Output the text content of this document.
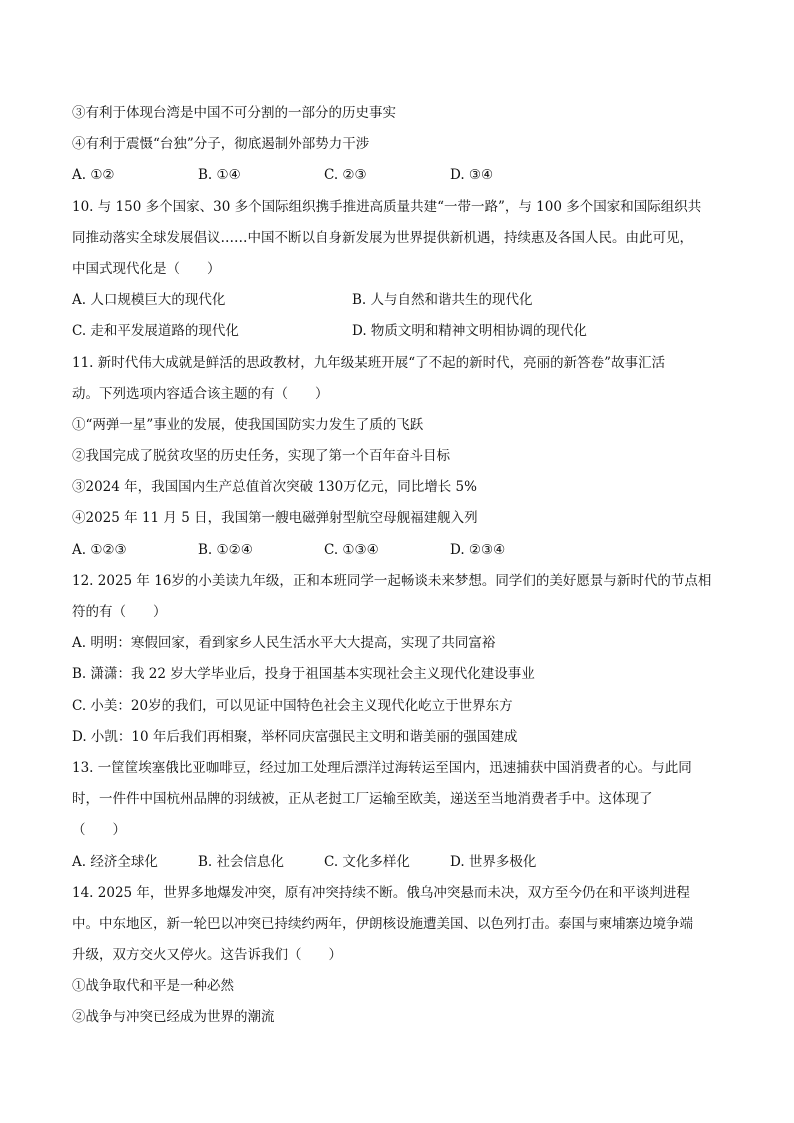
③有利于体现台湾是中国不可分割的一部分的历史事实
④有利于震慑“台独”分子，彻底遏制外部势力干涉
A. ①②	B. ①④	C. ②③	D. ③④
10. 与 150 多个国家、30 多个国际组织携手推进高质量共建“一带一路”，与 100 多个国家和国际组织共
同推动落实全球发展倡议……中国不断以自身新发展为世界提供新机遇，持续惠及各国人民。由此可见，
中国式现代化是（　　）
A. 人口规模巨大的现代化	B. 人与自然和谐共生的现代化
C. 走和平发展道路的现代化	D. 物质文明和精神文明相协调的现代化
11. 新时代伟大成就是鲜活的思政教材，九年级某班开展“了不起的新时代，亮丽的新答卷”故事汇活
动。下列选项内容适合该主题的有（　　）
①“两弹一星”事业的发展，使我国国防实力发生了质的飞跃
②我国完成了脱贫攻坚的历史任务，实现了第一个百年奋斗目标
③2024 年，我国国内生产总值首次突破 130万亿元，同比增长 5%
④2025 年 11 月 5 日，我国第一艘电磁弹射型航空母舰福建舰入列
A. ①②③	B. ①②④	C. ①③④	D. ②③④
12. 2025 年 16岁的小美读九年级，正和本班同学一起畅谈未来梦想。同学们的美好愿景与新时代的节点相
符的有（　　）
A. 明明：寒假回家，看到家乡人民生活水平大大提高，实现了共同富裕
B. 潇潇：我 22 岁大学毕业后，投身于祖国基本实现社会主义现代化建设事业
C. 小美：20岁的我们，可以见证中国特色社会主义现代化屹立于世界东方
D. 小凯：10 年后我们再相聚，举杯同庆富强民主文明和谐美丽的强国建成
13. 一筐筐埃塞俄比亚咖啡豆，经过加工处理后漂洋过海转运至国内，迅速捕获中国消费者的心。与此同
时，一件件中国杭州品牌的羽绒被，正从老挝工厂运输至欧美，递送至当地消费者手中。这体现了
（　　）
A. 经济全球化	B. 社会信息化	C. 文化多样化	D. 世界多极化
14. 2025 年，世界多地爆发冲突，原有冲突持续不断。俄乌冲突悬而未决，双方至今仍在和平谈判进程
中。中东地区，新一轮巴以冲突已持续约两年，伊朗核设施遭美国、以色列打击。泰国与柬埔寨边境争端
升级，双方交火又停火。这告诉我们（　　）
①战争取代和平是一种必然
②战争与冲突已经成为世界的潮流
